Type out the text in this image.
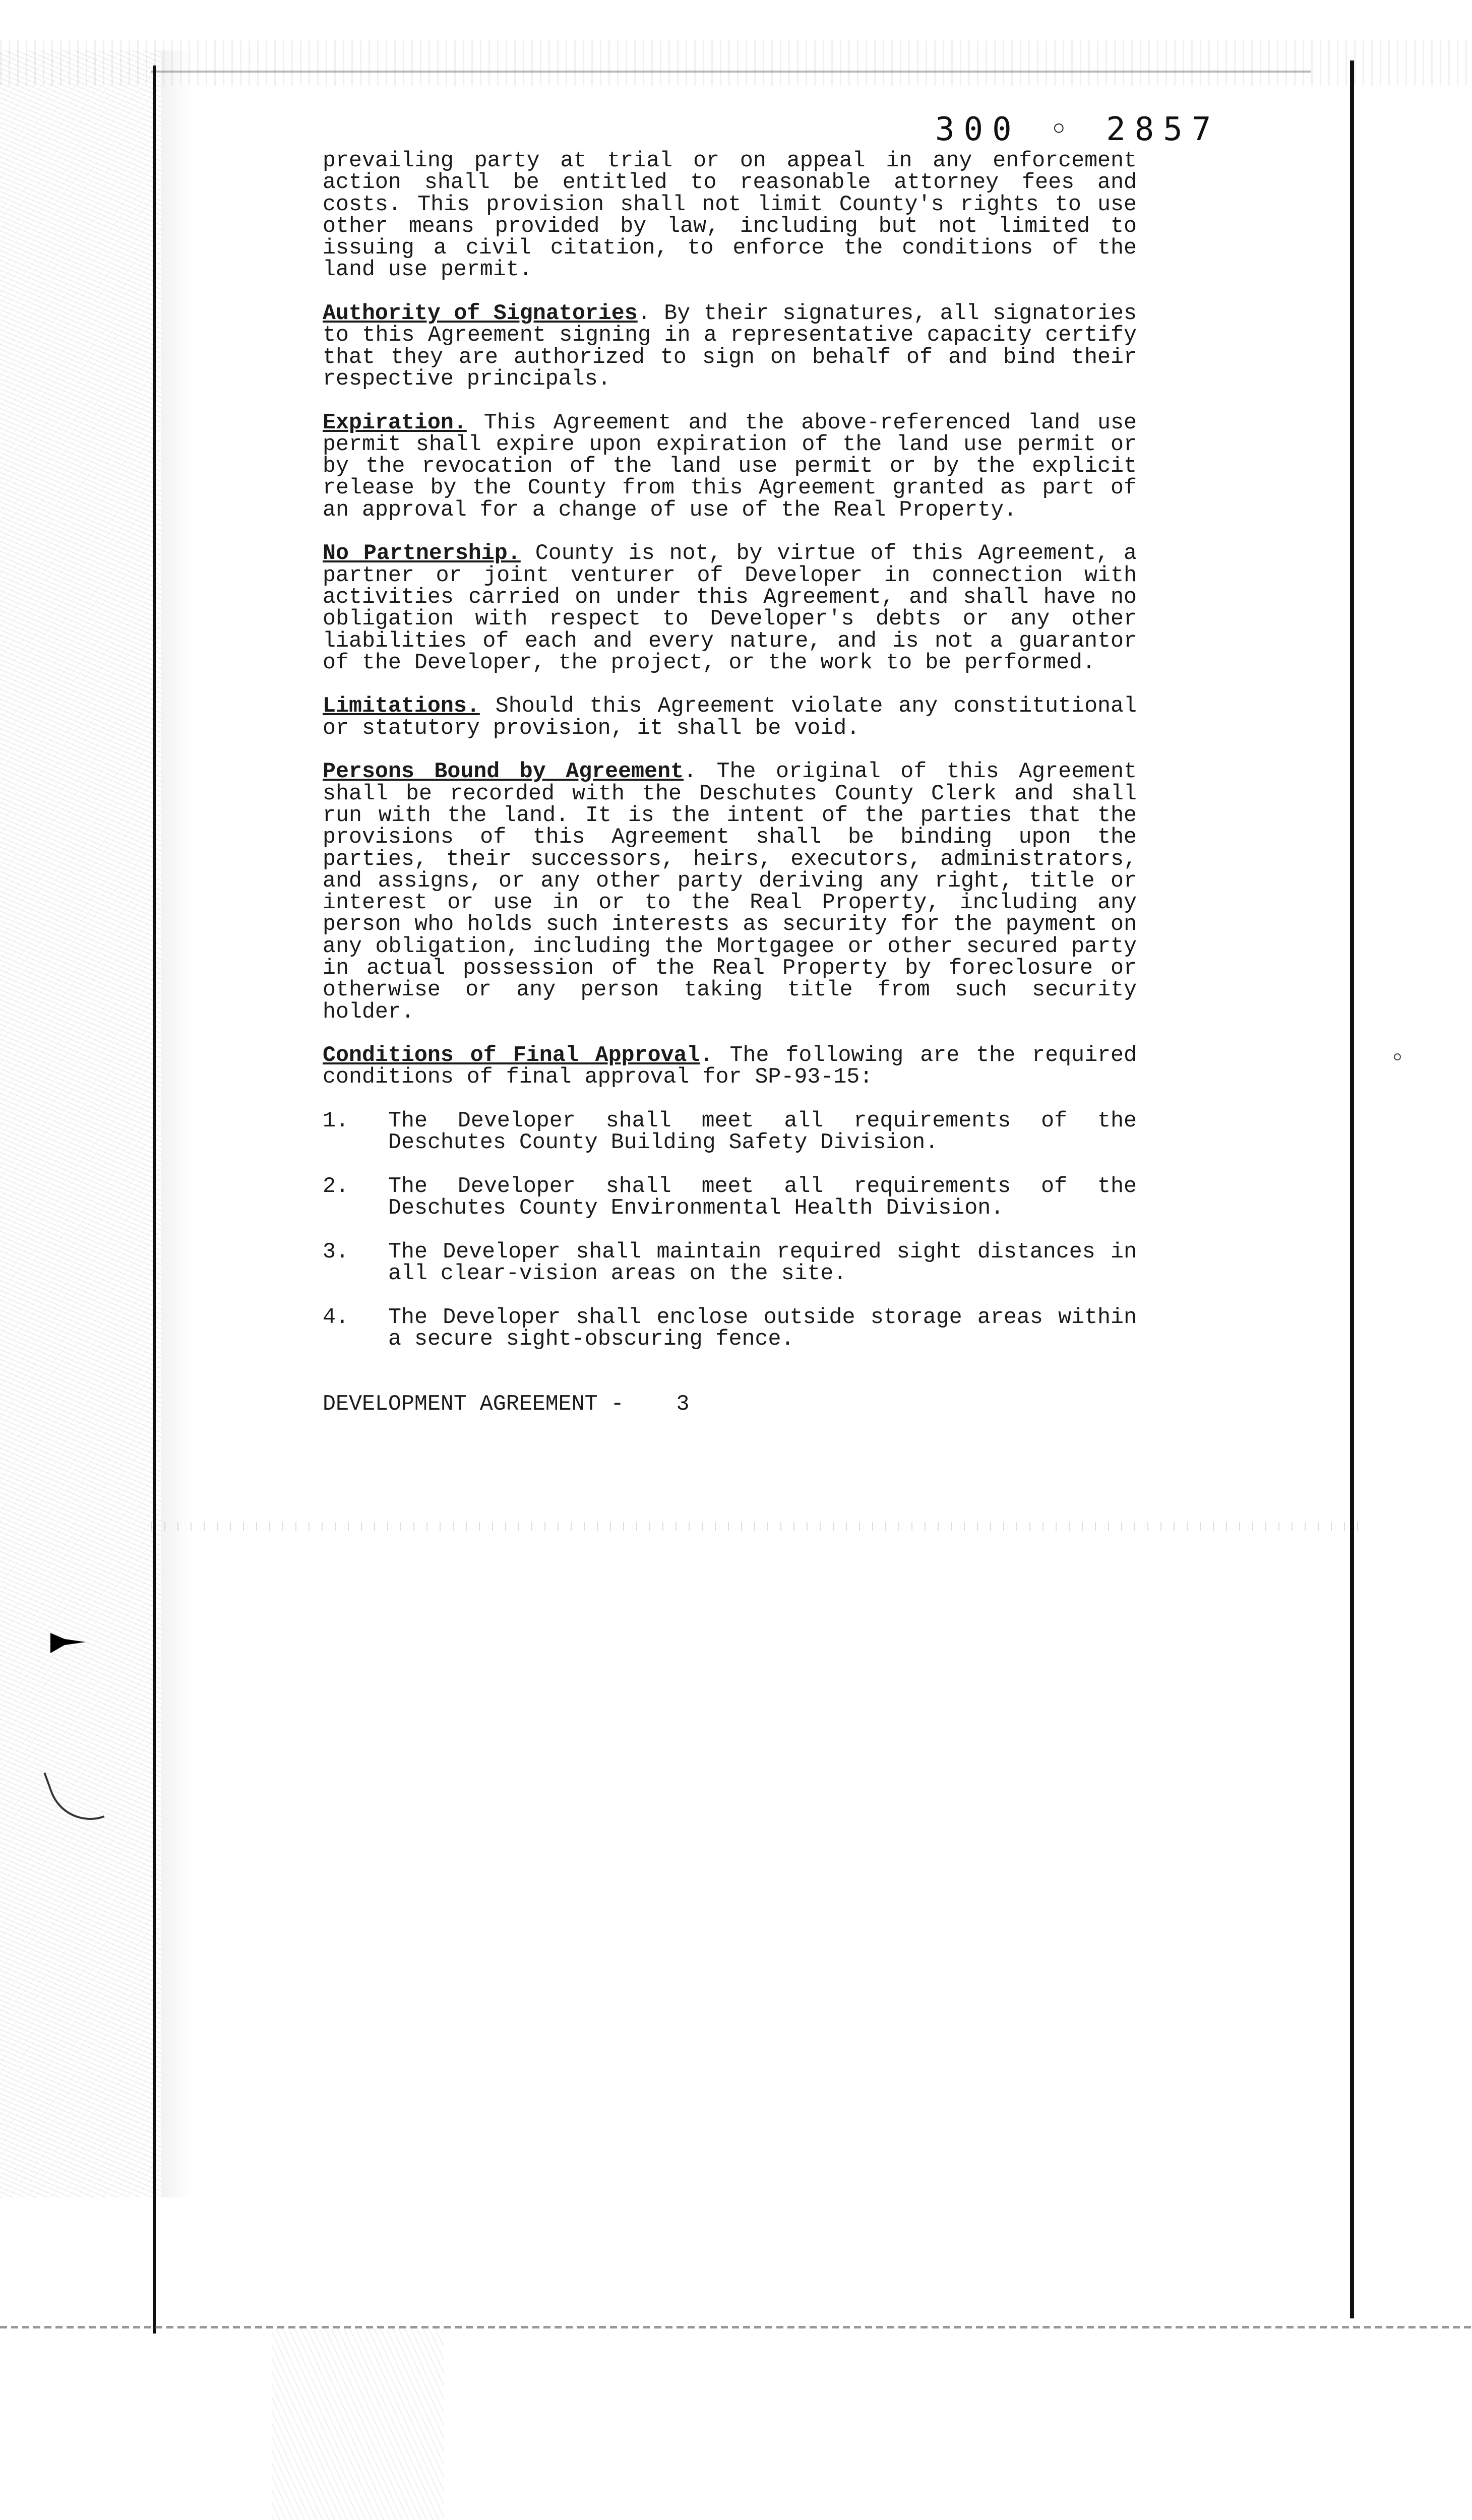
300 ◦ 2857

prevailing party at trial or on appeal in any enforcement action shall be entitled to reasonable attorney fees and costs. This provision shall not limit County's rights to use other means provided by law, including but not limited to issuing a civil citation, to enforce the conditions of the land use permit.

Authority of Signatories. By their signatures, all signatories to this Agreement signing in a representative capacity certify that they are authorized to sign on behalf of and bind their respective principals.

Expiration. This Agreement and the above-referenced land use permit shall expire upon expiration of the land use permit or by the revocation of the land use permit or by the explicit release by the County from this Agreement granted as part of an approval for a change of use of the Real Property.

No Partnership. County is not, by virtue of this Agreement, a partner or joint venturer of Developer in connection with activities carried on under this Agreement, and shall have no obligation with respect to Developer's debts or any other liabilities of each and every nature, and is not a guarantor of the Developer, the project, or the work to be performed.

Limitations. Should this Agreement violate any constitutional or statutory provision, it shall be void.

Persons Bound by Agreement. The original of this Agreement shall be recorded with the Deschutes County Clerk and shall run with the land. It is the intent of the parties that the provisions of this Agreement shall be binding upon the parties, their successors, heirs, executors, administrators, and assigns, or any other party deriving any right, title or interest or use in or to the Real Property, including any person who holds such interests as security for the payment on any obligation, including the Mortgagee or other secured party in actual possession of the Real Property by foreclosure or otherwise or any person taking title from such security holder.

Conditions of Final Approval. The following are the required conditions of final approval for SP-93-15:

1.	The Developer shall meet all requirements of the Deschutes County Building Safety Division.
2.	The Developer shall meet all requirements of the Deschutes County Environmental Health Division.
3.	The Developer shall maintain required sight distances in all clear-vision areas on the site.
4.	The Developer shall enclose outside storage areas within a secure sight-obscuring fence.
DEVELOPMENT AGREEMENT - 3
